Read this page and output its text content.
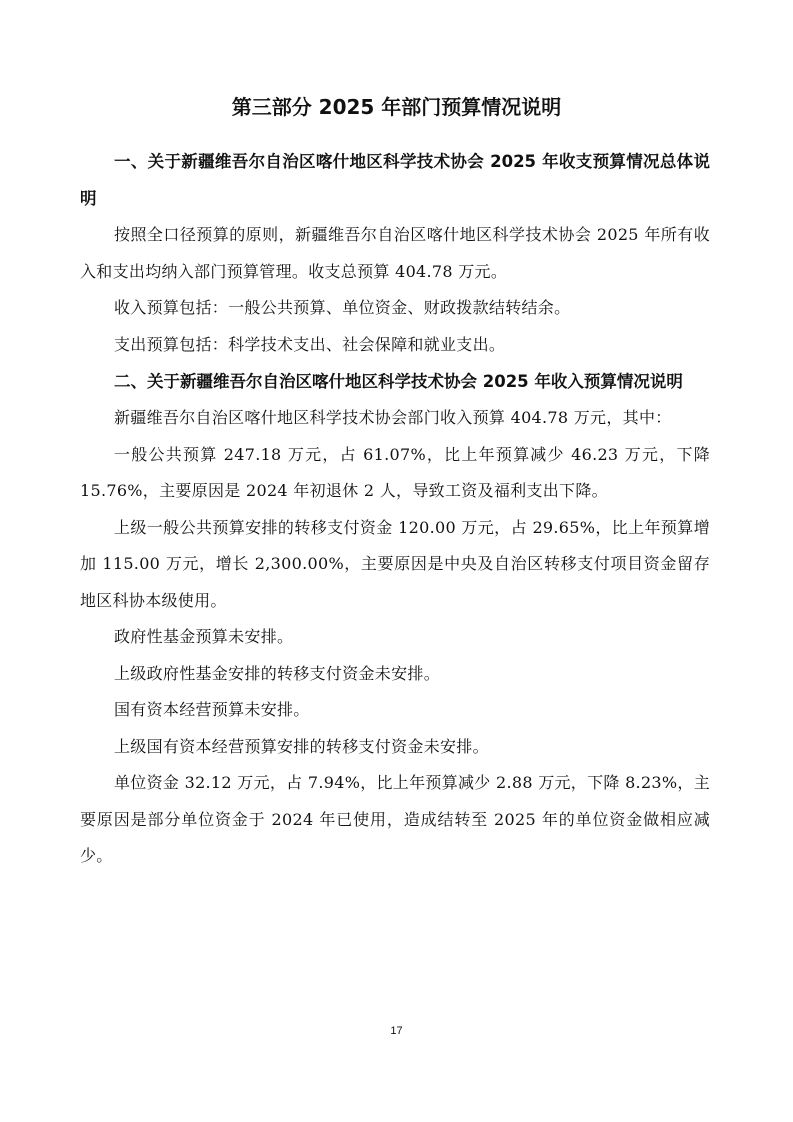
第三部分 2025 年部门预算情况说明

一、关于新疆维吾尔自治区喀什地区科学技术协会 2025 年收支预算情况总体说明

按照全口径预算的原则，新疆维吾尔自治区喀什地区科学技术协会 2025 年所有收入和支出均纳入部门预算管理。收支总预算 404.78 万元。

收入预算包括：一般公共预算、单位资金、财政拨款结转结余。

支出预算包括：科学技术支出、社会保障和就业支出。

二、关于新疆维吾尔自治区喀什地区科学技术协会 2025 年收入预算情况说明

新疆维吾尔自治区喀什地区科学技术协会部门收入预算 404.78 万元，其中：

一般公共预算 247.18 万元，占 61.07%，比上年预算减少 46.23 万元，下降 15.76%，主要原因是 2024 年初退休 2 人，导致工资及福利支出下降。

上级一般公共预算安排的转移支付资金 120.00 万元，占 29.65%，比上年预算增加 115.00 万元，增长 2,300.00%，主要原因是中央及自治区转移支付项目资金留存地区科协本级使用。

政府性基金预算未安排。

上级政府性基金安排的转移支付资金未安排。

国有资本经营预算未安排。

上级国有资本经营预算安排的转移支付资金未安排。

单位资金 32.12 万元，占 7.94%，比上年预算减少 2.88 万元，下降 8.23%，主要原因是部分单位资金于 2024 年已使用，造成结转至 2025 年的单位资金做相应减少。

17
